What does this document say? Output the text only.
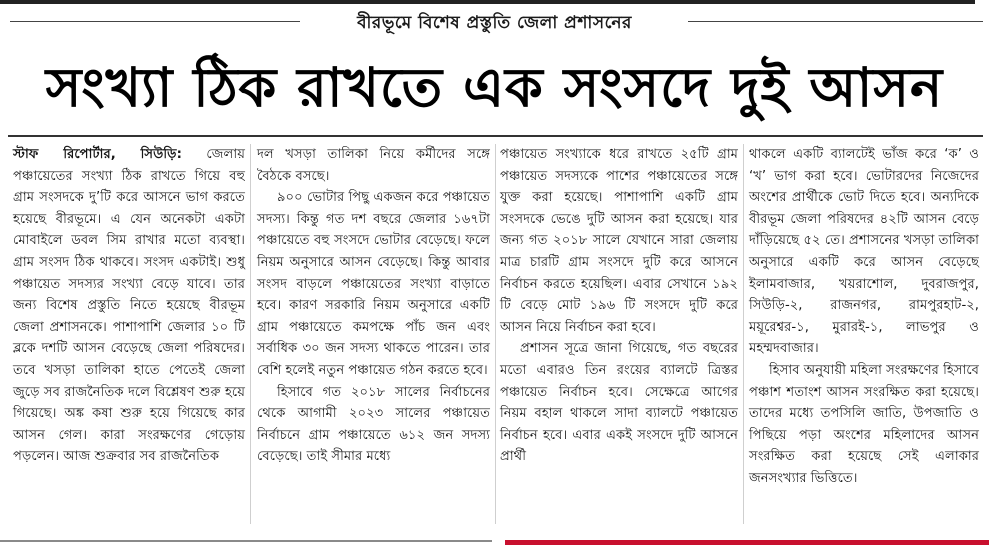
বীরভূমে বিশেষ প্রস্তুতি জেলা প্রশাসনের
সংখ্যা ঠিক রাখতে এক সংসদে দুই আসন

স্টাফ রিপোর্টার, সিউড়ি: জেলায় পঞ্চায়েতের সংখ্যা ঠিক রাখতে গিয়ে বহু গ্রাম সংসদকে দু’টি করে আসনে ভাগ করতে হয়েছে বীরভূমে। এ যেন অনেকটা একটা মোবাইলে ডবল সিম রাখার মতো ব্যবস্থা। গ্রাম সংসদ ঠিক থাকবে। সংসদ একটাই। শুধু পঞ্চায়েত সদস্যর সংখ্যা বেড়ে যাবে। তার জন্য বিশেষ প্রস্তুতি নিতে হয়েছে বীরভূম জেলা প্রশাসনকে। পাশাপাশি জেলার ১০ টি ব্লকে দশটি আসন বেড়েছে জেলা পরিষদের। তবে খসড়া তালিকা হাতে পেতেই জেলা জুড়ে সব রাজনৈতিক দলে বিশ্লেষণ শুরু হয়ে গিয়েছে। অঙ্ক কষা শুরু হয়ে গিয়েছে কার আসন গেল। কারা সংরক্ষণের গেড়োয় পড়লেন। আজ শুক্রবার সব রাজনৈতিক

দল খসড়া তালিকা নিয়ে কর্মীদের সঙ্গে বৈঠকে বসছে।

৯০০ ভোটার পিছু একজন করে পঞ্চায়েত সদস্য। কিন্তু গত দশ বছরে জেলার ১৬৭টা পঞ্চায়েতে বহু সংসদে ভোটার বেড়েছে। ফলে নিয়ম অনুসারে আসন বেড়েছে। কিন্তু আবার সংসদ বাড়লে পঞ্চায়েতের সংখ্যা বাড়াতে হবে। কারণ সরকারি নিয়ম অনুসারে একটি গ্রাম পঞ্চায়েতে কমপক্ষে পাঁচ জন এবং সর্বাধিক ৩০ জন সদস্য থাকতে পারেন। তার বেশি হলেই নতুন পঞ্চায়েত গঠন করতে হবে।

হিসাবে গত ২০১৮ সালের নির্বাচনের থেকে আগামী ২০২৩ সালের পঞ্চায়েত নির্বাচনে গ্রাম পঞ্চায়েতে ৬১২ জন সদস্য বেড়েছে। তাই সীমার মধ্যে

পঞ্চায়েত সংখ্যাকে ধরে রাখতে ২৫টি গ্রাম পঞ্চায়েত সদস্যকে পাশের পঞ্চায়েতের সঙ্গে যুক্ত করা হয়েছে। পাশাপাশি একটি গ্রাম সংসদকে ভেঙে দুটি আসন করা হয়েছে। যার জন্য গত ২০১৮ সালে যেখানে সারা জেলায় মাত্র চারটি গ্রাম সংসদে দুটি করে আসনে নির্বাচন করতে হয়েছিল। এবার সেখানে ১৯২ টি বেড়ে মোট ১৯৬ টি সংসদে দুটি করে আসন নিয়ে নির্বাচন করা হবে।

প্রশাসন সূত্রে জানা গিয়েছে, গত বছরের মতো এবারও তিন রংয়ের ব্যালটে ত্রিস্তর পঞ্চায়েত নির্বাচন হবে। সেক্ষেত্রে আগের নিয়ম বহাল থাকলে সাদা ব্যালটে পঞ্চায়েত নির্বাচন হবে। এবার একই সংসদে দুটি আসনে প্রার্থী

থাকলে একটি ব্যালটেই ভাঁজ করে ‘ক’ ও ‘খ’ ভাগ করা হবে। ভোটারদের নিজেদের অংশের প্রার্থীকে ভোট দিতে হবে। অন্যদিকে বীরভূম জেলা পরিষদের ৪২টি আসন বেড়ে দাঁড়িয়েছে ৫২ তে। প্রশাসনের খসড়া তালিকা অনুসারে একটি করে আসন বেড়েছে ইলামবাজার, খয়রাশোল, দুবরাজপুর, সিউড়ি-২, রাজনগর, রামপুরহাট-২, ময়ূরেশ্বর-১, মুরারই-১, লাভপুর ও মহম্মদবাজার।

হিসাব অনুযায়ী মহিলা সংরক্ষণের হিসাবে পঞ্চাশ শতাংশ আসন সংরক্ষিত করা হয়েছে। তাদের মধ্যে তপসিলি জাতি, উপজাতি ও পিছিয়ে পড়া অংশের মহিলাদের আসন সংরক্ষিত করা হয়েছে সেই এলাকার জনসংখ্যার ভিত্তিতে।
